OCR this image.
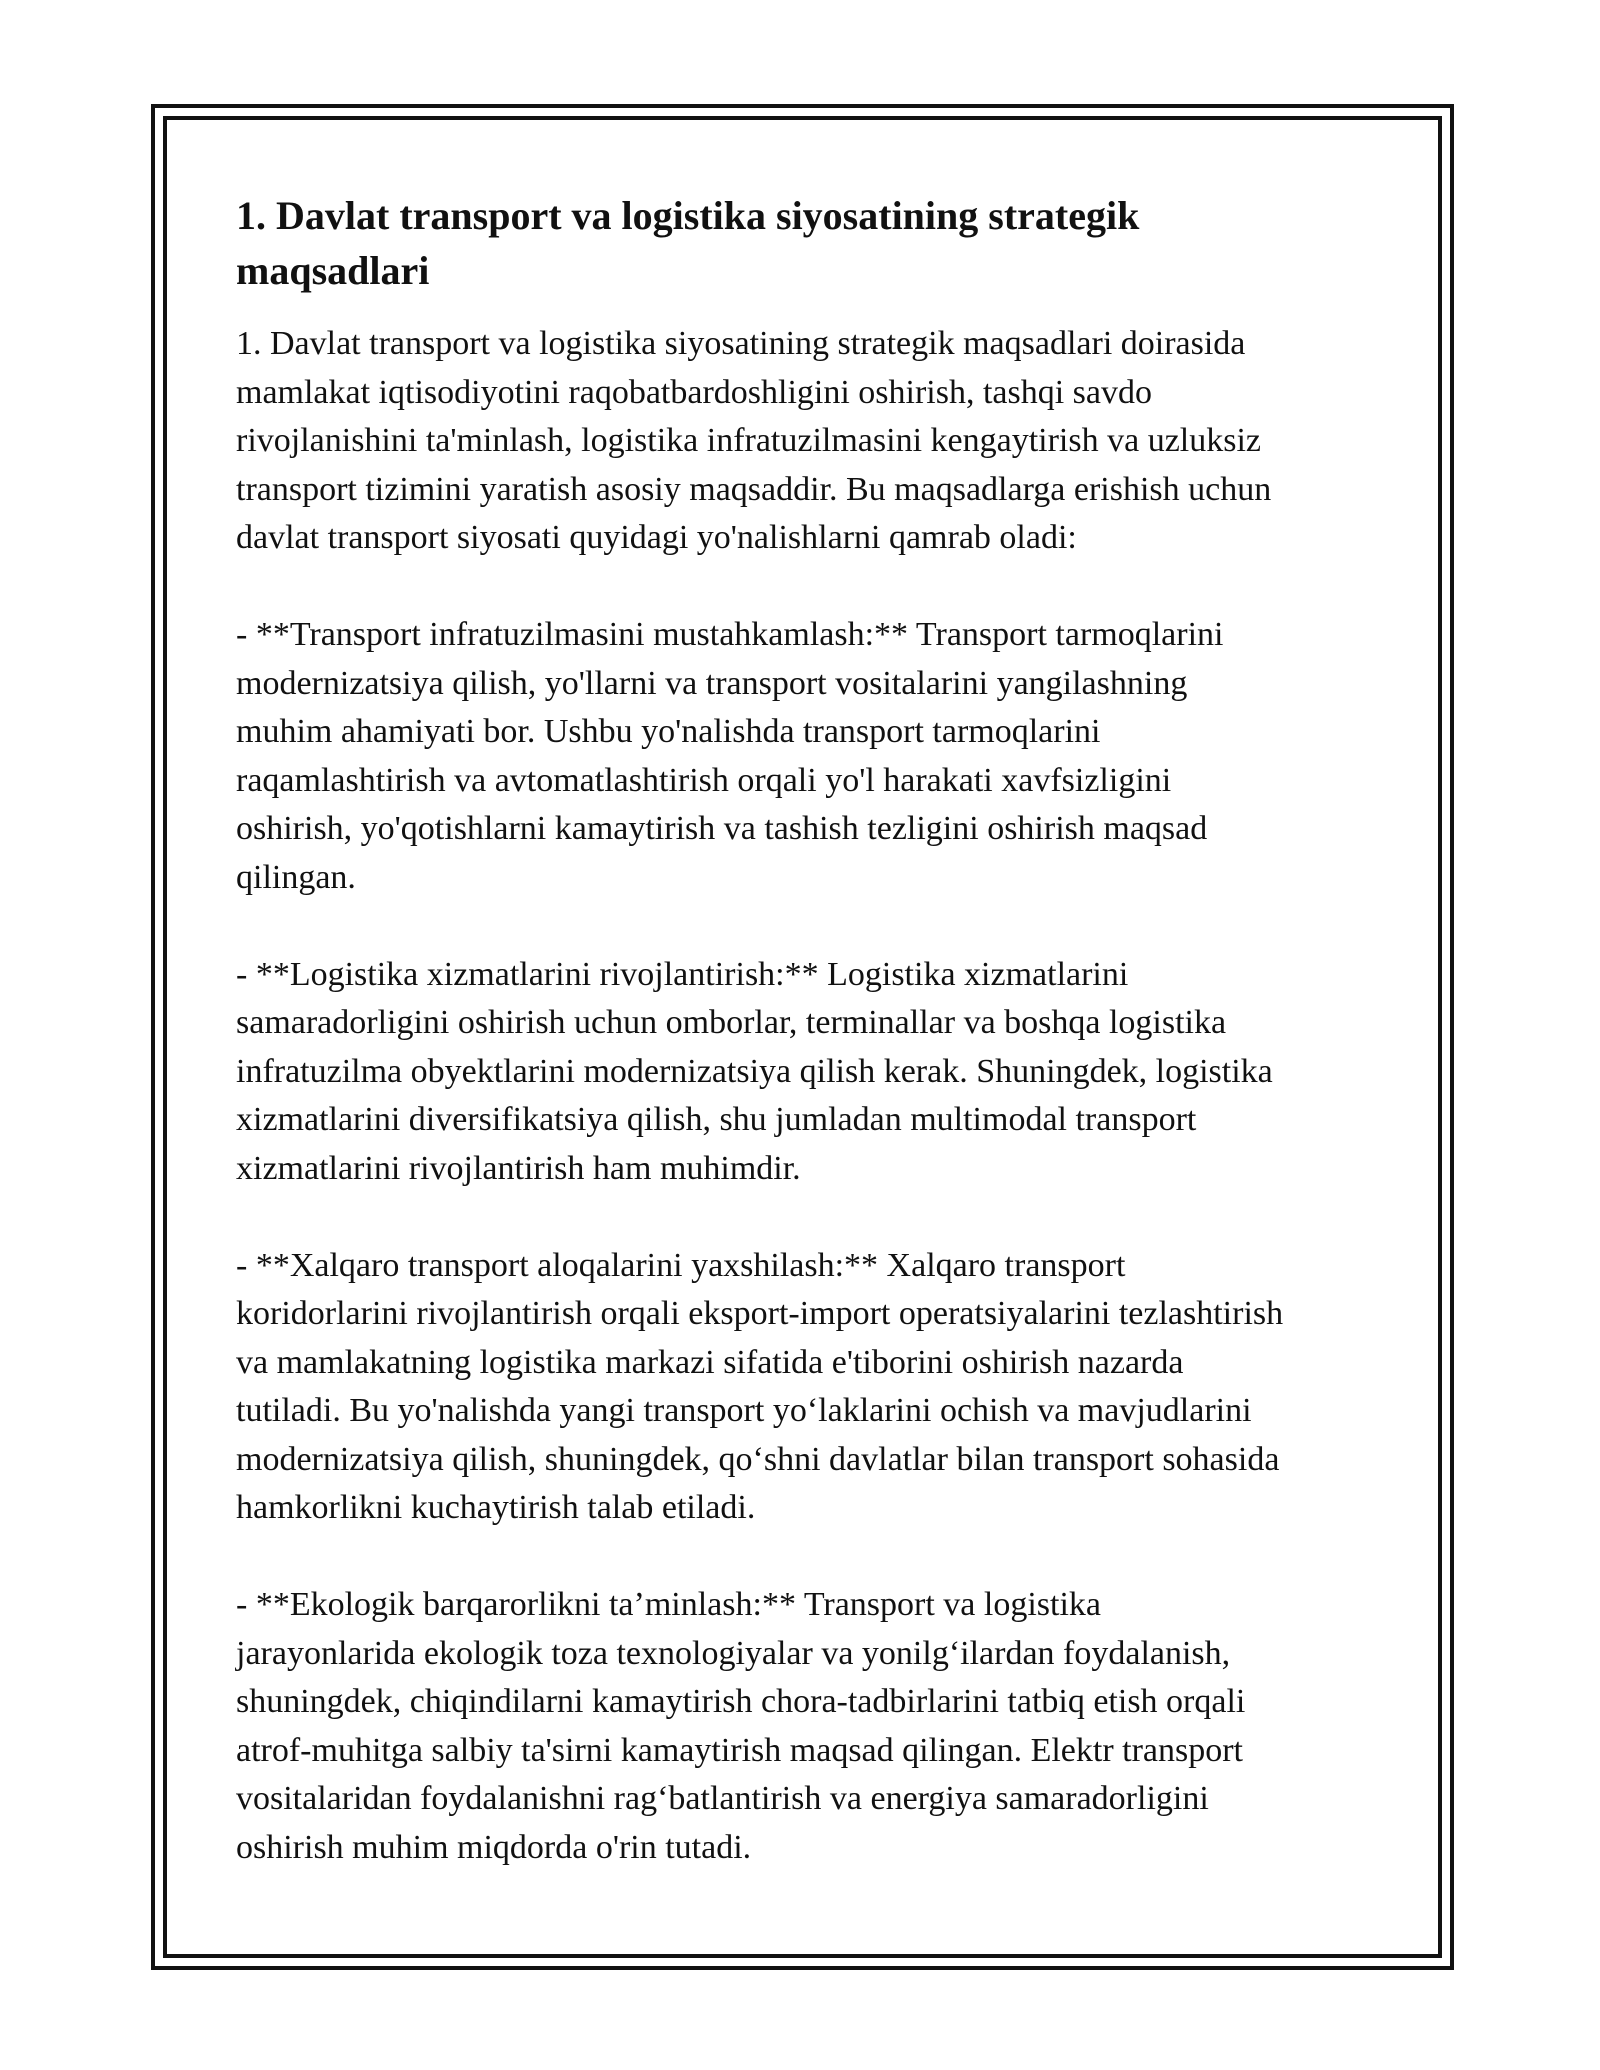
1. Davlat transport va logistika siyosatining strategik maqsadlari
1. Davlat transport va logistika siyosatining strategik maqsadlari doirasida
mamlakat iqtisodiyotini raqobatbardoshligini oshirish, tashqi savdo
rivojlanishini ta'minlash, logistika infratuzilmasini kengaytirish va uzluksiz
transport tizimini yaratish asosiy maqsaddir. Bu maqsadlarga erishish uchun
davlat transport siyosati quyidagi yo'nalishlarni qamrab oladi:
- **Transport infratuzilmasini mustahkamlash:** Transport tarmoqlarini
modernizatsiya qilish, yo'llarni va transport vositalarini yangilashning
muhim ahamiyati bor. Ushbu yo'nalishda transport tarmoqlarini
raqamlashtirish va avtomatlashtirish orqali yo'l harakati xavfsizligini
oshirish, yo'qotishlarni kamaytirish va tashish tezligini oshirish maqsad
qilingan.
- **Logistika xizmatlarini rivojlantirish:** Logistika xizmatlarini
samaradorligini oshirish uchun omborlar, terminallar va boshqa logistika
infratuzilma obyektlarini modernizatsiya qilish kerak. Shuningdek, logistika
xizmatlarini diversifikatsiya qilish, shu jumladan multimodal transport
xizmatlarini rivojlantirish ham muhimdir.
- **Xalqaro transport aloqalarini yaxshilash:** Xalqaro transport
koridorlarini rivojlantirish orqali eksport-import operatsiyalarini tezlashtirish
va mamlakatning logistika markazi sifatida e'tiborini oshirish nazarda
tutiladi. Bu yo'nalishda yangi transport yo‘laklarini ochish va mavjudlarini
modernizatsiya qilish, shuningdek, qo‘shni davlatlar bilan transport sohasida
hamkorlikni kuchaytirish talab etiladi.
- **Ekologik barqarorlikni ta’minlash:** Transport va logistika
jarayonlarida ekologik toza texnologiyalar va yonilg‘ilardan foydalanish,
shuningdek, chiqindilarni kamaytirish chora-tadbirlarini tatbiq etish orqali
atrof-muhitga salbiy ta'sirni kamaytirish maqsad qilingan. Elektr transport
vositalaridan foydalanishni rag‘batlantirish va energiya samaradorligini
oshirish muhim miqdorda o'rin tutadi.
